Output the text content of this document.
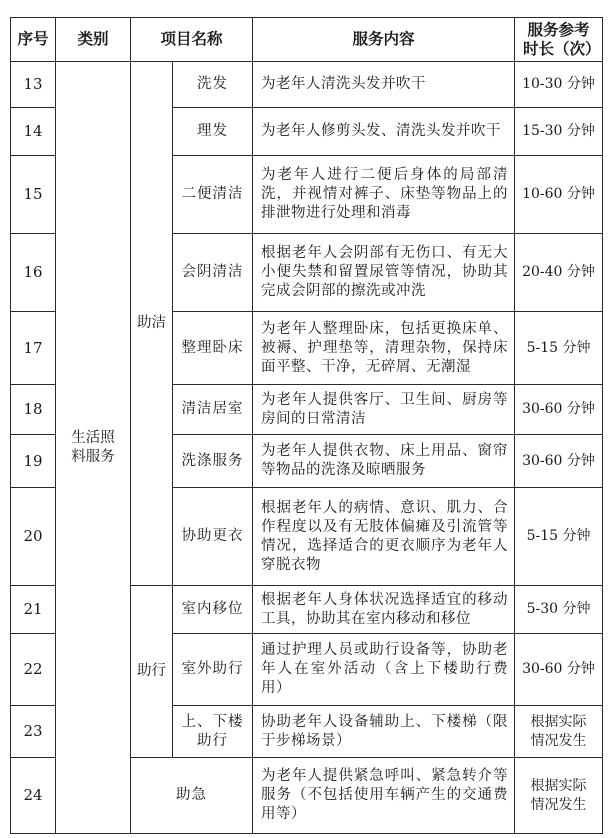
序号	类别	项目名称		服务内容	服务参考时长（次）
13	生活照料服务	助洁	洗发	为老年人清洗头发并吹干	10-30 分钟
14			理发	为老年人修剪头发、清洗头发并吹干	15-30 分钟
15			二便清洁	为老年人进行二便后身体的局部清洗，并视情对裤子、床垫等物品上的排泄物进行处理和消毒	10-60 分钟
16			会阴清洁	根据老年人会阴部有无伤口、有无大小便失禁和留置尿管等情况，协助其完成会阴部的擦洗或冲洗	20-40 分钟
17			整理卧床	为老年人整理卧床，包括更换床单、被褥、护理垫等，清理杂物，保持床面平整、干净，无碎屑、无潮湿	5-15 分钟
18			清洁居室	为老年人提供客厅、卫生间、厨房等房间的日常清洁	30-60 分钟
19			洗涤服务	为老年人提供衣物、床上用品、窗帘等物品的洗涤及晾晒服务	30-60 分钟
20			协助更衣	根据老年人的病情、意识、肌力、合作程度以及有无肢体偏瘫及引流管等情况，选择适合的更衣顺序为老年人穿脱衣物	5-15 分钟
21		助行	室内移位	根据老年人身体状况选择适宜的移动工具，协助其在室内移动和移位	5-30 分钟
22			室外助行	通过护理人员或助行设备等，协助老年人在室外活动（含上下楼助行费用）	30-60 分钟
23			上、下楼助行	协助老年人设备辅助上、下楼梯（限于步梯场景）	根据实际情况发生
24		助急		为老年人提供紧急呼叫、紧急转介等服务（不包括使用车辆产生的交通费用等）	根据实际情况发生
